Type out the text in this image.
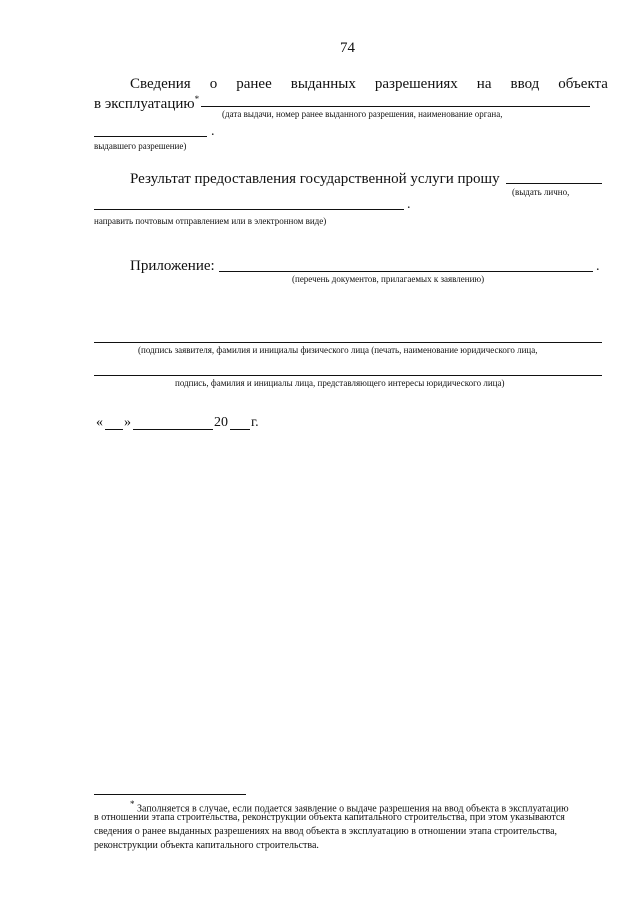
74
Сведения о ранее выданных разрешениях на ввод объекта
в эксплуатацию*
(дата выдачи, номер ранее выданного разрешения, наименование органа,
.
выдавшего разрешение)
Результат предоставления государственной услуги прошу
(выдать лично,
.
направить почтовым отправлением или в электронном виде)
Приложение:	.
(перечень документов, прилагаемых к заявлению)
(подпись заявителя, фамилия и инициалы физического лица (печать, наименование юридического лица,
подпись, фамилия и инициалы лица, представляющего интересы юридического лица)
« »	20 г.
* Заполняется в случае, если подается заявление о выдаче разрешения на ввод объекта в эксплуатацию
в отношении этапа строительства, реконструкции объекта капитального строительства, при этом указываются
сведения о ранее выданных разрешениях на ввод объекта в эксплуатацию в отношении этапа строительства,
реконструкции объекта капитального строительства.
